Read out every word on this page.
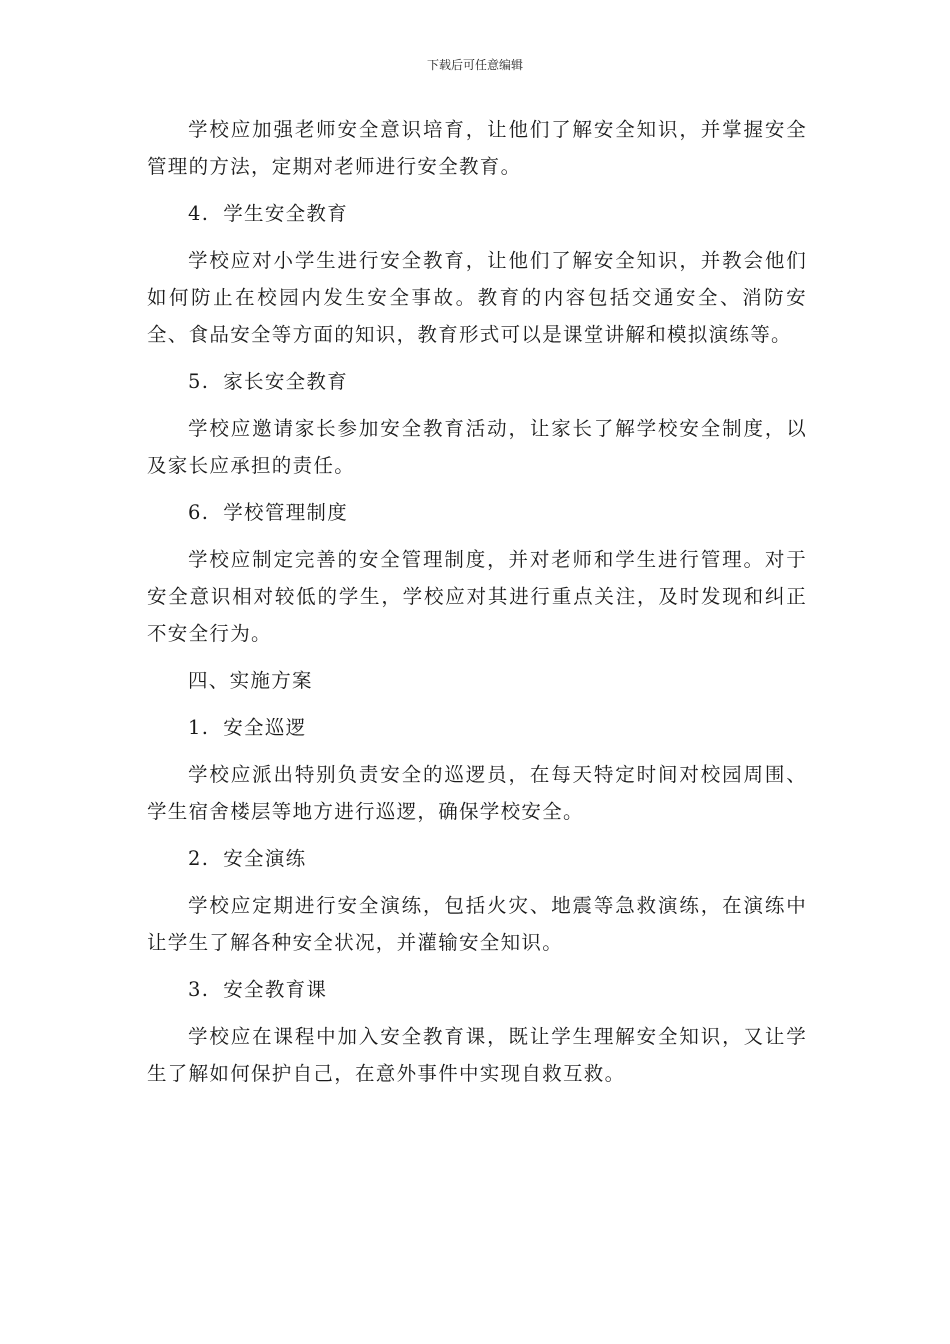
下载后可任意编辑

学校应加强老师安全意识培育，让他们了解安全知识，并掌握安全管理的方法，定期对老师进行安全教育。

4. 学生安全教育

学校应对小学生进行安全教育，让他们了解安全知识，并教会他们如何防止在校园内发生安全事故。教育的内容包括交通安全、消防安全、食品安全等方面的知识，教育形式可以是课堂讲解和模拟演练等。

5. 家长安全教育

学校应邀请家长参加安全教育活动，让家长了解学校安全制度，以及家长应承担的责任。

6. 学校管理制度

学校应制定完善的安全管理制度，并对老师和学生进行管理。对于安全意识相对较低的学生，学校应对其进行重点关注，及时发现和纠正不安全行为。

四、实施方案

1. 安全巡逻

学校应派出特别负责安全的巡逻员，在每天特定时间对校园周围、学生宿舍楼层等地方进行巡逻，确保学校安全。

2. 安全演练

学校应定期进行安全演练，包括火灾、地震等急救演练，在演练中让学生了解各种安全状况，并灌输安全知识。

3. 安全教育课

学校应在课程中加入安全教育课，既让学生理解安全知识，又让学生了解如何保护自己，在意外事件中实现自救互救。
